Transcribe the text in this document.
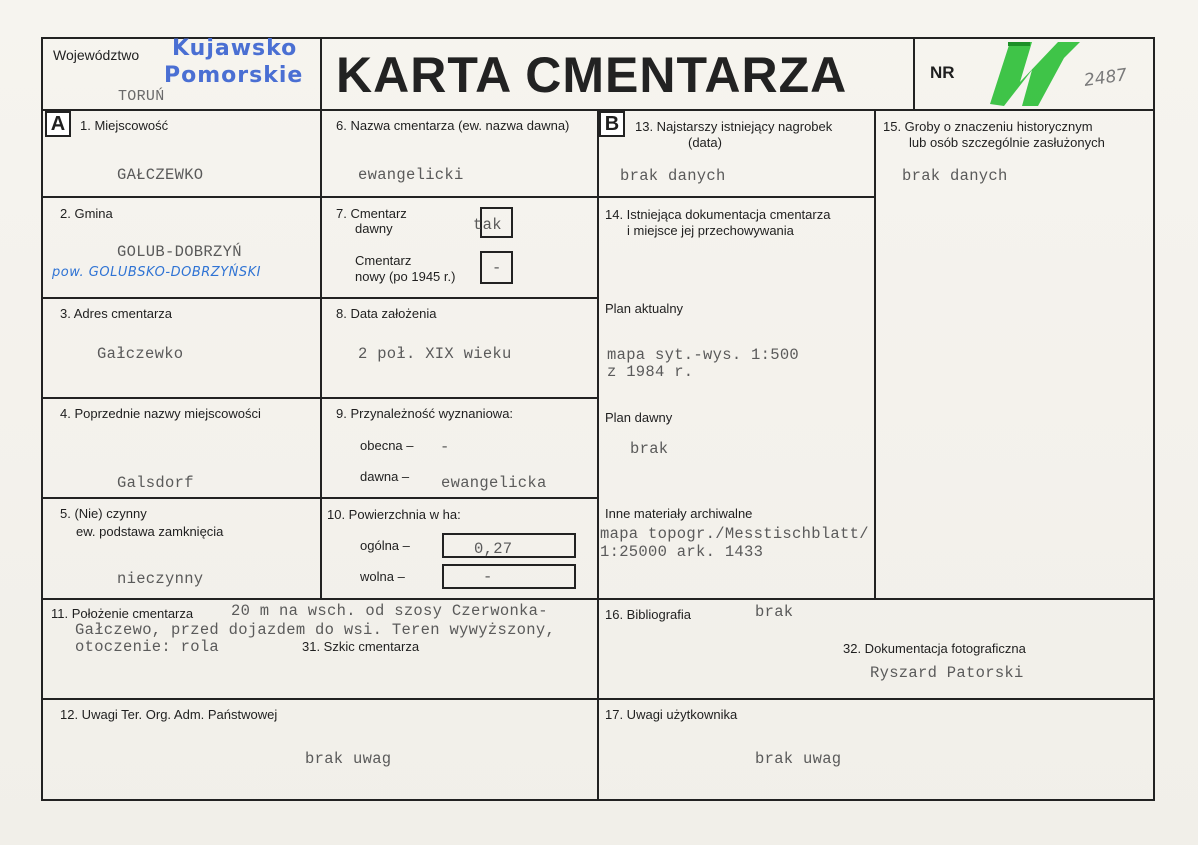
Województwo Kujawsko
Pomorskie
TORUŃ	KARTA CMENTARZA	NR	2487
A	B
1. Miejscowość
GAŁCZEWKO
6. Nazwa cmentarza (ew. nazwa dawna)
ewangelicki
13. Najstarszy istniejący nagrobek
(data)
brak danych
15. Groby o znaczeniu historycznym
lub osób szczególnie zasłużonych
brak danych
2. Gmina
GOLUB-DOBRZYŃ
pow. GOLUBSKO-DOBRZYŃSKI
7. Cmentarz
dawny	tak
Cmentarz
nowy (po 1945 r.) -
14. Istniejąca dokumentacja cmentarza
i miejsce jej przechowywania
Plan aktualny
mapa syt.-wys. 1:500
z 1984 r.
Plan dawny
brak
Inne materiały archiwalne
mapa topogr./Messtischblatt/
1:25000 ark. 1433
3. Adres cmentarza
Gałczewko
8. Data założenia
2 poł. XIX wieku
4. Poprzednie nazwy miejscowości
Galsdorf
9. Przynależność wyznaniowa:
obecna – -
dawna – ewangelicka
5. (Nie) czynny
ew. podstawa zamknięcia
nieczynny
10. Powierzchnia w ha:
ogólna –	0,27
wolna –	-
11. Położenie cmentarza 20 m na wsch. od szosy Czerwonka-
Gałczewo, przed dojazdem do wsi. Teren wywyższony,
otoczenie: rola	31. Szkic cmentarza
16. Bibliografia	brak
32. Dokumentacja fotograficzna
Ryszard Patorski
12. Uwagi Ter. Org. Adm. Państwowej
brak uwag
17. Uwagi użytkownika
brak uwag
